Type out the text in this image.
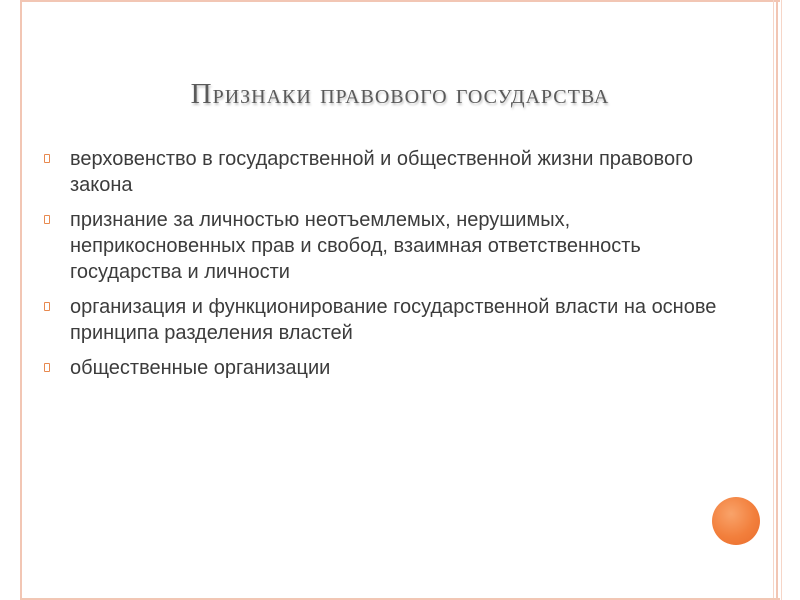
Признаки правового государства
верховенство в государственной и общественной жизни правового закона
признание за личностью неотъемлемых, нерушимых, неприкосновенных прав и свобод, взаимная ответственность государства и личности
организация и функционирование государственной власти на основе принципа разделения властей
общественные организации
